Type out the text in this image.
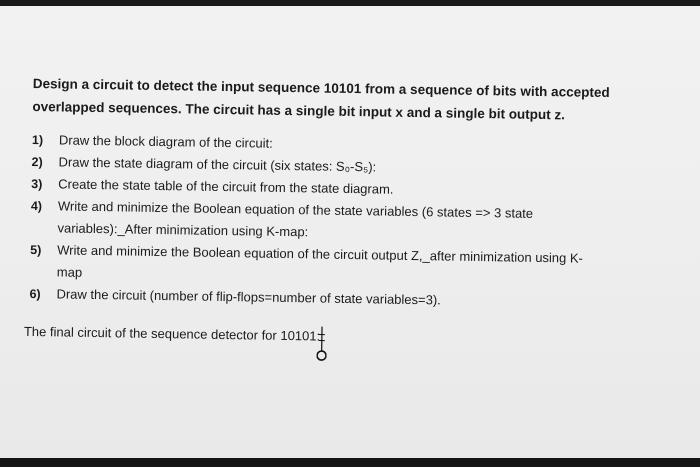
Design a circuit to detect the input sequence 10101 from a sequence of bits with accepted
overlapped sequences. The circuit has a single bit input x and a single bit output z.
1) Draw the block diagram of the circuit:
2) Draw the state diagram of the circuit (six states: S₀-S₅):
3) Create the state table of the circuit from the state diagram.
4) Write and minimize the Boolean equation of the state variables (6 states => 3 state
variables):_After minimization using K-map:
5) Write and minimize the Boolean equation of the circuit output Z,_after minimization using K-
map
6) Draw the circuit (number of flip-flops=number of state variables=3).
The final circuit of the sequence detector for 10101:
